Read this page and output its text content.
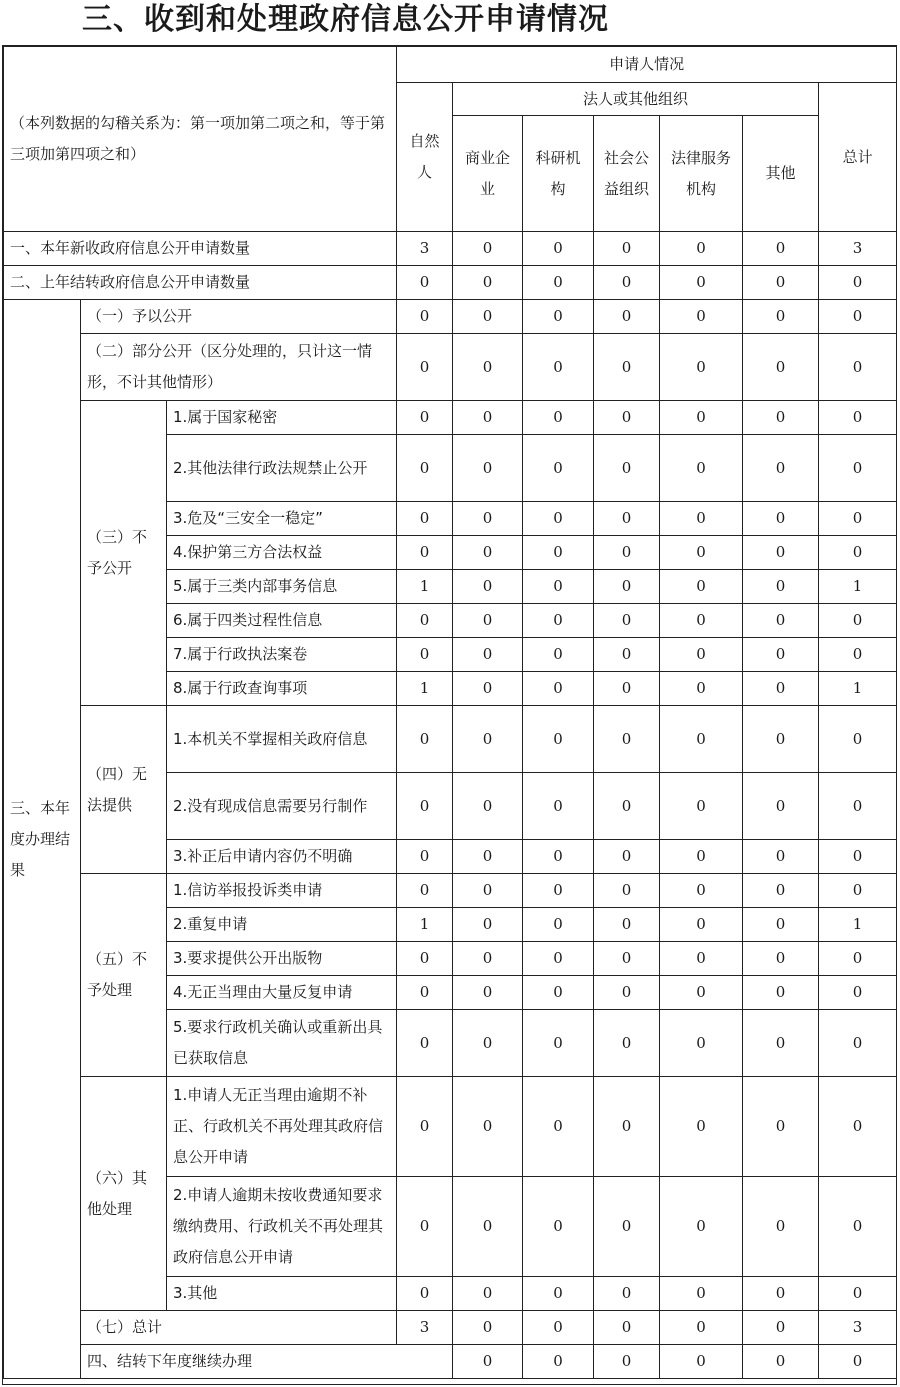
三、收到和处理政府信息公开申请情况
（本列数据的勾稽关系为：第一项加第二项之和，等于第三项加第四项之和）			申请人情况							
			自然人	法人或其他组织					总计	
				商业企业	科研机构	社会公益组织	法律服务机构	其他		
一、本年新收政府信息公开申请数量			3	0	0	0	0	0	3	
二、上年结转政府信息公开申请数量			0	0	0	0	0	0	0	
三、本年度办理结果	（一）予以公开		0	0	0	0	0	0	0	
	（二）部分公开（区分处理的，只计这一情形，不计其他情形）		0	0	0	0	0	0	0	
	（三）不予公开	1.属于国家秘密	0	0	0	0	0	0	0	
		2.其他法律行政法规禁止公开	0	0	0	0	0	0	0	
		3.危及“三安全一稳定”	0	0	0	0	0	0	0	
		4.保护第三方合法权益	0	0	0	0	0	0	0	
		5.属于三类内部事务信息	1	0	0	0	0	0	1	
		6.属于四类过程性信息	0	0	0	0	0	0	0	
		7.属于行政执法案卷	0	0	0	0	0	0	0	
		8.属于行政查询事项	1	0	0	0	0	0	1	
	（四）无法提供	1.本机关不掌握相关政府信息	0	0	0	0	0	0	0	
		2.没有现成信息需要另行制作	0	0	0	0	0	0	0	
		3.补正后申请内容仍不明确	0	0	0	0	0	0	0	
	（五）不予处理	1.信访举报投诉类申请	0	0	0	0	0	0	0	
		2.重复申请	1	0	0	0	0	0	1	
		3.要求提供公开出版物	0	0	0	0	0	0	0	
		4.无正当理由大量反复申请	0	0	0	0	0	0	0	
		5.要求行政机关确认或重新出具已获取信息	0	0	0	0	0	0	0	
	（六）其他处理	1.申请人无正当理由逾期不补正、行政机关不再处理其政府信息公开申请	0	0	0	0	0	0	0	
		2.申请人逾期未按收费通知要求缴纳费用、行政机关不再处理其政府信息公开申请	0	0	0	0	0	0	0	
		3.其他	0	0	0	0	0	0	0	
	（七）总计		3	0	0	0	0	0	3	
	四、结转下年度继续办理			0	0	0	0	0	0	
